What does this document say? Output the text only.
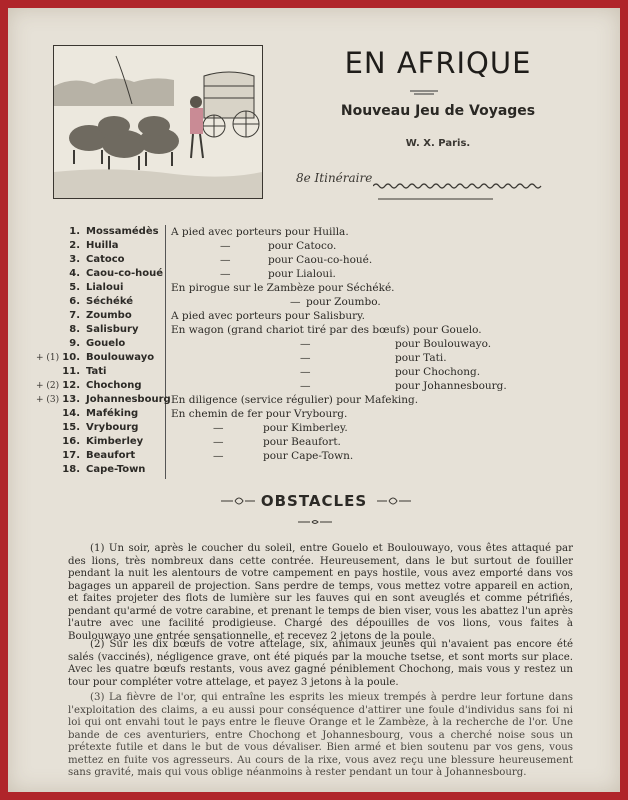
EN AFRIQUE
Nouveau Jeu de Voyages
W. X. Paris.
8e Itinéraire
1. Mossamédès A pied avec porteurs pour Huilla.
2. Huilla	—	pour Catoco.
3. Catoco	—	pour Caou-co-houé.
4. Caou-co-houé	—	pour Lialoui.
5. Lialoui	En pirogue sur le Zambèze pour Séchéké.
6. Séchéké	— pour Zoumbo.
7. Zoumbo	A pied avec porteurs pour Salisbury.
8. Salisbury	En wagon (grand chariot tiré par des bœufs) pour Gouelo.
9. Gouelo	—	pour Boulouwayo.
+ (1) 10. Boulouwayo	—	pour Tati.
11. Tati	—	pour Chochong.
+ (2) 12. Chochong	—	pour Johannesbourg.
+ (3) 13. Johannesbourg En diligence (service régulier) pour Mafeking.
14. Maféking	En chemin de fer pour Vrybourg.
15. Vrybourg	—	pour Kimberley.
16. Kimberley	—	pour Beaufort.
17. Beaufort	—	pour Cape-Town.
18. Cape-Town
OBSTACLES
(1) Un soir, après le coucher du soleil, entre Gouelo et Boulouwayo, vous êtes attaqué par des lions, très nombreux dans cette contrée. Heureusement, dans le but surtout de fouiller pendant la nuit les alentours de votre campement en pays hostile, vous avez emporté dans vos bagages un appareil de projection. Sans perdre de temps, vous mettez votre appareil en action, et faites projeter des flots de lumière sur les fauves qui en sont aveuglés et comme pétrifiés, pendant qu'armé de votre carabine, et prenant le temps de bien viser, vous les abattez l'un après l'autre avec une facilité prodigieuse. Chargé des dépouilles de vos lions, vous faites à Boulouwayo une entrée sensationnelle, et recevez 2 jetons de la poule.
(2) Sur les dix bœufs de votre attelage, six, animaux jeunes qui n'avaient pas encore été salés (vaccinés), négligence grave, ont été piqués par la mouche tsetse, et sont morts sur place. Avec les quatre bœufs restants, vous avez gagné péniblement Chochong, mais vous y restez un tour pour compléter votre attelage, et payez 3 jetons à la poule.
(3) La fièvre de l'or, qui entraîne les esprits les mieux trempés à perdre leur fortune dans l'exploitation des claims, a eu aussi pour conséquence d'attirer une foule d'individus sans foi ni loi qui ont envahi tout le pays entre le fleuve Orange et le Zambèze, à la recherche de l'or. Une bande de ces aventuriers, entre Chochong et Johannesbourg, vous a cherché noise sous un prétexte futile et dans le but de vous dévaliser. Bien armé et bien soutenu par vos gens, vous mettez en fuite vos agresseurs. Au cours de la rixe, vous avez reçu une blessure heureusement sans gravité, mais qui vous oblige néanmoins à rester pendant un tour à Johannesbourg.
